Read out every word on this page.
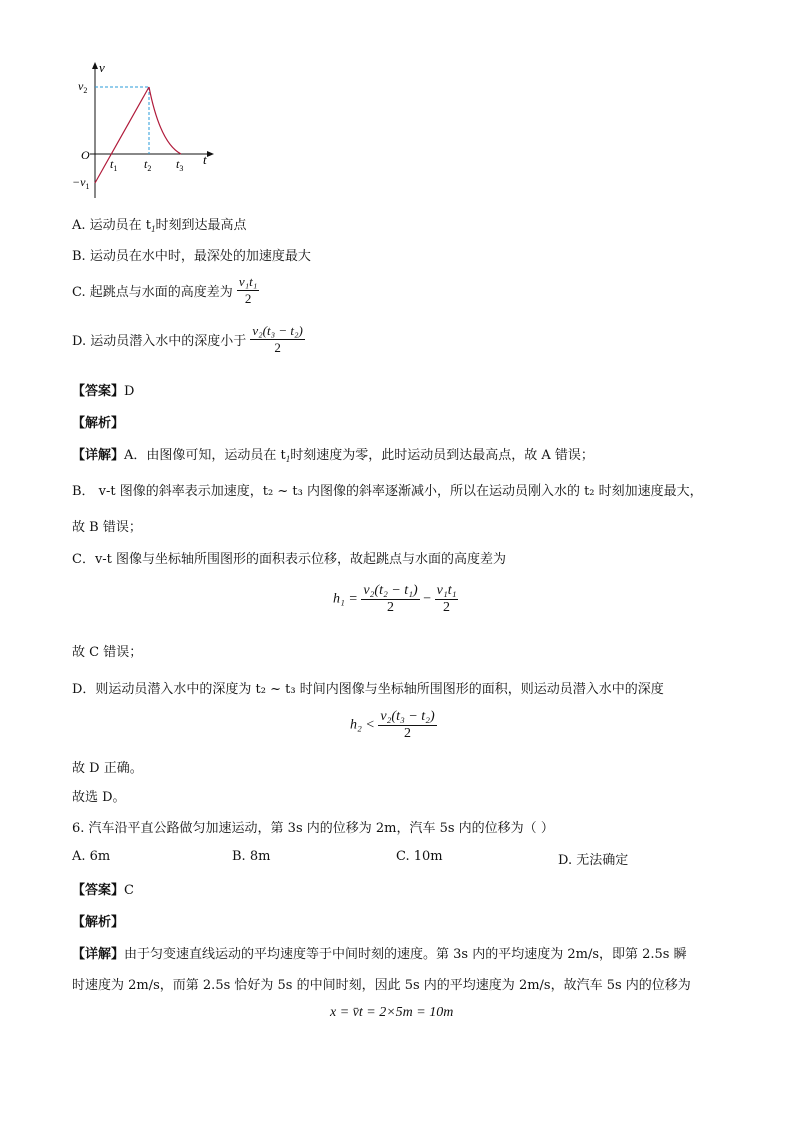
v
$v_2$
O
$-v_1$
$t_1$ $t_2$ $t_3$
t
A. 运动员在 $t_1$时刻到达最高点
B. 运动员在水中时，最深处的加速度最大
C. 起跳点与水面的高度差为 $\frac{\text{v₁t₁}}{2}$
D. 运动员潜入水中的深度小于 $\frac{\text{v₂(t₃ − t₂)}}{2}$
【答案】D
【解析】
【详解】A．由图像可知，运动员在 $t_1$时刻速度为零，此时运动员到达最高点，故 A 错误；
B． v-t 图像的斜率表示加速度，t₂ ~ t₃ 内图像的斜率逐渐减小，所以在运动员刚入水的 t₂ 时刻加速度最大，
故 B 错误；
C．v-t 图像与坐标轴所围图形的面积表示位移，故起跳点与水面的高度差为
$h_1 = \frac{\text{v₂(t₂ − t₁)}}{2} - \frac{\text{v₁t₁}}{2}$
故 C 错误；
D．则运动员潜入水中的深度为 t₂ ~ t₃ 时间内图像与坐标轴所围图形的面积，则运动员潜入水中的深度
$h_2 < \frac{\text{v₂(t₃ − t₂)}}{2}$
故 D 正确。
故选 D。
6. 汽车沿平直公路做匀加速运动，第 3s 内的位移为 2m，汽车 5s 内的位移为（ ）
A. 6m	B. 8m	C. 10m	D. 无法确定
【答案】C
【解析】
【详解】由于匀变速直线运动的平均速度等于中间时刻的速度。第 3s 内的平均速度为 2m/s，即第 2.5s 瞬
时速度为 2m/s，而第 2.5s 恰好为 5s 的中间时刻，因此 5s 内的平均速度为 2m/s，故汽车 5s 内的位移为
x = v̄t = 2×5m = 10m
